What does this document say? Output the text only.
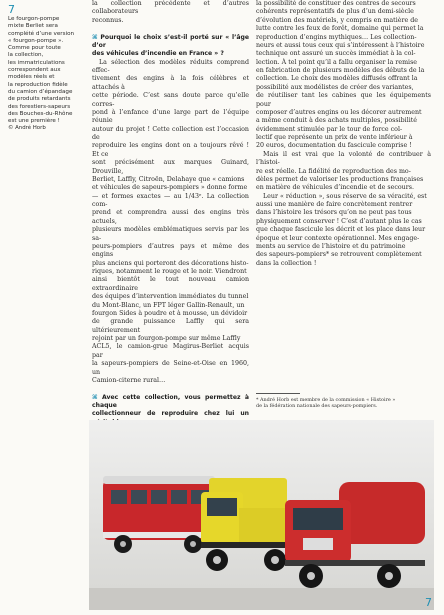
7
Le fourgon-pompe
mixte Berliet sera
complété d’une version
« fourgon-pompe ».
Comme pour toute
la collection,
les immatriculations
correspondent aux
modèles réels et
la reproduction fidèle
du camion d’épandage
de produits retardants
des forestiers-sapeurs
des Bouches-du-Rhône
est une première !
© André Horb

la collection précédente et d’autres collaborateurs

reconnus.

⌘ Pourquoi le choix s’est-il porté sur « l’âge d’or
des véhicules d’incendie en France » ?

La sélection des modèles réduits comprend effec-

tivement des engins à la fois célèbres et attachés à

cette période. C’est sans doute parce qu’elle corres-

pond à l’enfance d’une large part de l’équipe réunie

autour du projet ! Cette collection est l’occasion de

reproduire les engins dont on a toujours rêvé ! Et ce

sont précisément aux marques Guinard, Drouville,

Berliet, Laffly, Citroën, Delahaye que « camions

et véhicules de sapeurs-pompiers » donne forme

— et formes exactes — au 1/43ᵉ. La collection com-

prend et comprendra aussi des engins très actuels,

plusieurs modèles emblématiques servis par les sa-

peurs-pompiers d’autres pays et même des engins

plus anciens qui porteront des décorations histo-

riques, notamment le rouge et le noir. Viendront

ainsi bientôt le tout nouveau camion extraordinaire

des équipes d’intervention immédiates du tunnel

du Mont-Blanc, un FPT léger Gallin-Renault, un

fourgon Sides à poudre et à mousse, un dévidoir

de grande puissance Laffly qui sera ultérieurement

rejoint par un fourgon-pompe sur même Laffly

ACL5, le camion-grue Magirus-Berliet acquis par

la sapeurs-pompiers de Seine-et-Oise en 1960, un

Camion-citerne rural…

⌘ Avec cette collection, vous permettez à chaque
collectionneur de reproduire chez lui un

la possibilité de constituer des centres de secours

cohérents représentatifs de plus d’un demi-siècle

d’évolution des matériels, y compris en matière de

lutte contre les feux de forêt, domaine qui permet la

reproduction d’engins mythiques… Les collection-

neurs et aussi tous ceux qui s’intéressent à l’histoire

technique ont assuré un succès immédiat à la col-

lection. À tel point qu’il a fallu organiser la remise

en fabrication de plusieurs modèles des débuts de la

collection. Le choix des modèles diffusés offrant la

possibilité aux modélistes de créer des variantes,

de réutiliser tant les cabines que les équipements pour

composer d’autres engins ou les décorer autrement

a même conduit à des achats multiples, possibilité

évidemment stimulée par le tour de force col-

lectif que représente un prix de vente inférieur à

20 euros, documentation du fascicule comprise !

Mais il est vrai que la volonté de contribuer à l’histoi-

re est réelle. La fidélité de reproduction des mo-

dèles permet de valoriser les productions françaises

en matière de véhicules d’incendie et de secours.

Leur « réduction », sous réserve de sa véracité, est

aussi une manière de faire concrètement rentrer

dans l’histoire les trésors qu’on ne peut pas tous

physiquement conserver ! C’est d’autant plus le cas

que chaque fascicule les décrit et les place dans leur

époque et leur contexte opérationnel. Mes engage-

ments au service de l’histoire et du patrimoine

des sapeurs-pompiers* se retrouvent complètement

dans la collection !

* André Horb est membre de la commission « Histoire »
de la fédération nationale des sapeurs-pompiers.
7
